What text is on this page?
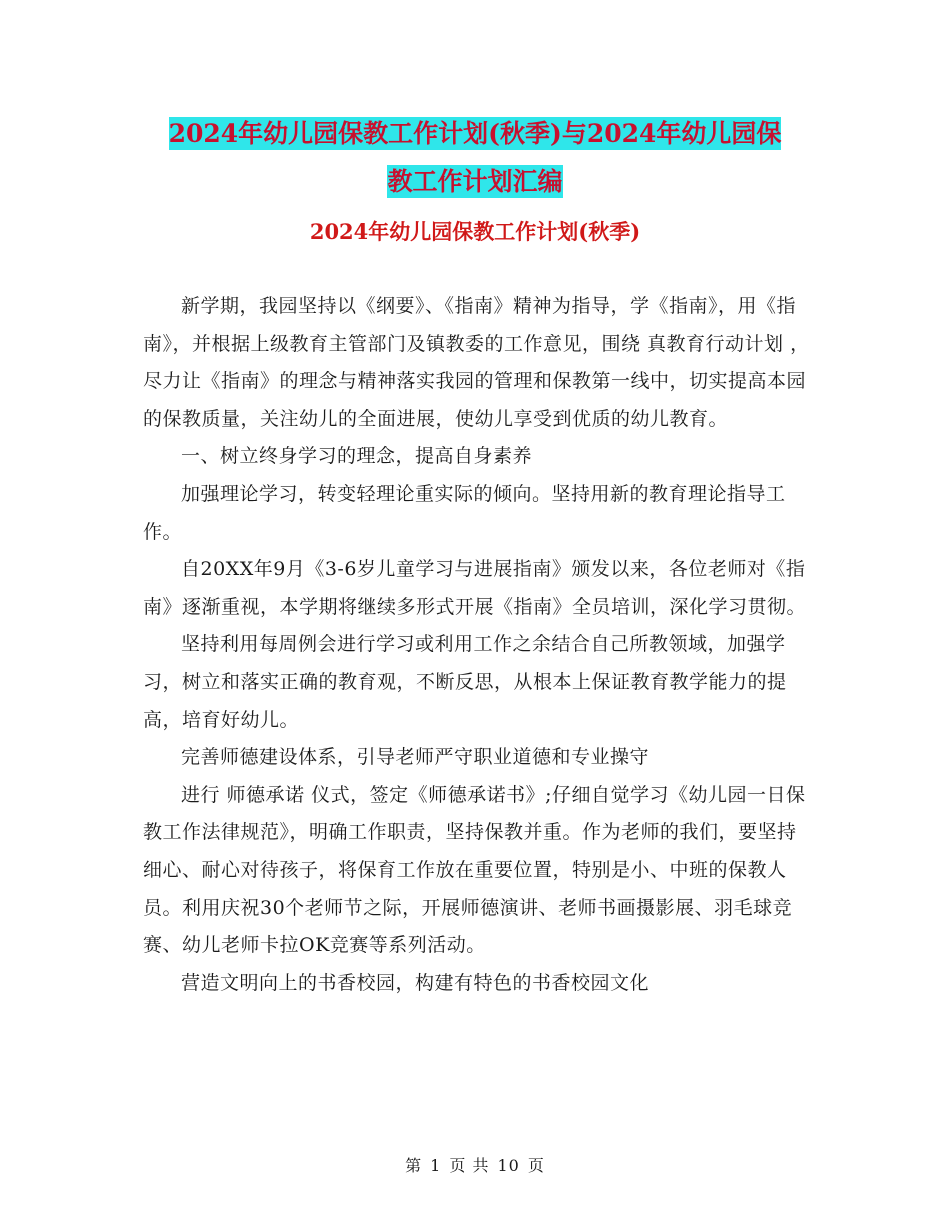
2024年幼儿园保教工作计划(秋季)与2024年幼儿园保
教工作计划汇编
2024年幼儿园保教工作计划(秋季)

新学期，我园坚持以《纲要》、《指南》精神为指导，学《指南》，用《指南》，并根据上级教育主管部门及镇教委的工作意见，围绕 真教育行动计划 ，尽力让《指南》的理念与精神落实我园的管理和保教第一线中，切实提高本园的保教质量，关注幼儿的全面进展，使幼儿享受到优质的幼儿教育。

一、树立终身学习的理念，提高自身素养

加强理论学习，转变轻理论重实际的倾向。坚持用新的教育理论指导工作。

自20XX年9月《3-6岁儿童学习与进展指南》颁发以来，各位老师对《指南》逐渐重视，本学期将继续多形式开展《指南》全员培训，深化学习贯彻。

坚持利用每周例会进行学习或利用工作之余结合自己所教领域，加强学习，树立和落实正确的教育观，不断反思，从根本上保证教育教学能力的提高，培育好幼儿。

完善师德建设体系，引导老师严守职业道德和专业操守

进行 师德承诺 仪式，签定《师德承诺书》;仔细自觉学习《幼儿园一日保教工作法律规范》，明确工作职责，坚持保教并重。作为老师的我们，要坚持细心、耐心对待孩子，将保育工作放在重要位置，特别是小、中班的保教人员。利用庆祝30个老师节之际，开展师德演讲、老师书画摄影展、羽毛球竞赛、幼儿老师卡拉OK竞赛等系列活动。

营造文明向上的书香校园，构建有特色的书香校园文化

第 1 页 共 10 页
